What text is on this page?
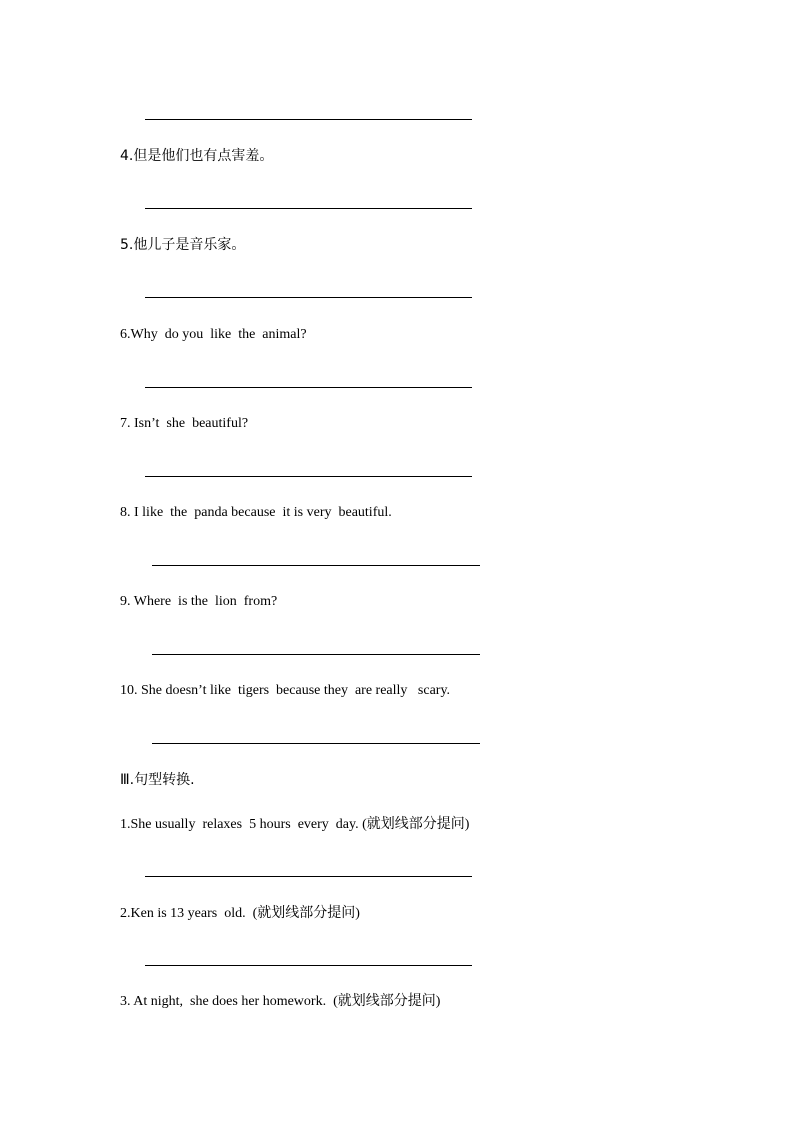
4.但是他们也有点害羞。
5.他儿子是音乐家。
6.Why  do you  like  the  animal?
7. Isn’t  she  beautiful?
8. I like  the  panda because  it is very  beautiful.
9. Where  is the  lion  from?
10. She doesn’t like  tigers  because they  are really   scary.
Ⅲ.句型转换.
1.She usually  relaxes  5 hours  every  day. (就划线部分提问)
2.Ken is 13 years  old.  (就划线部分提问)
3. At night,  she does her homework.  (就划线部分提问)
